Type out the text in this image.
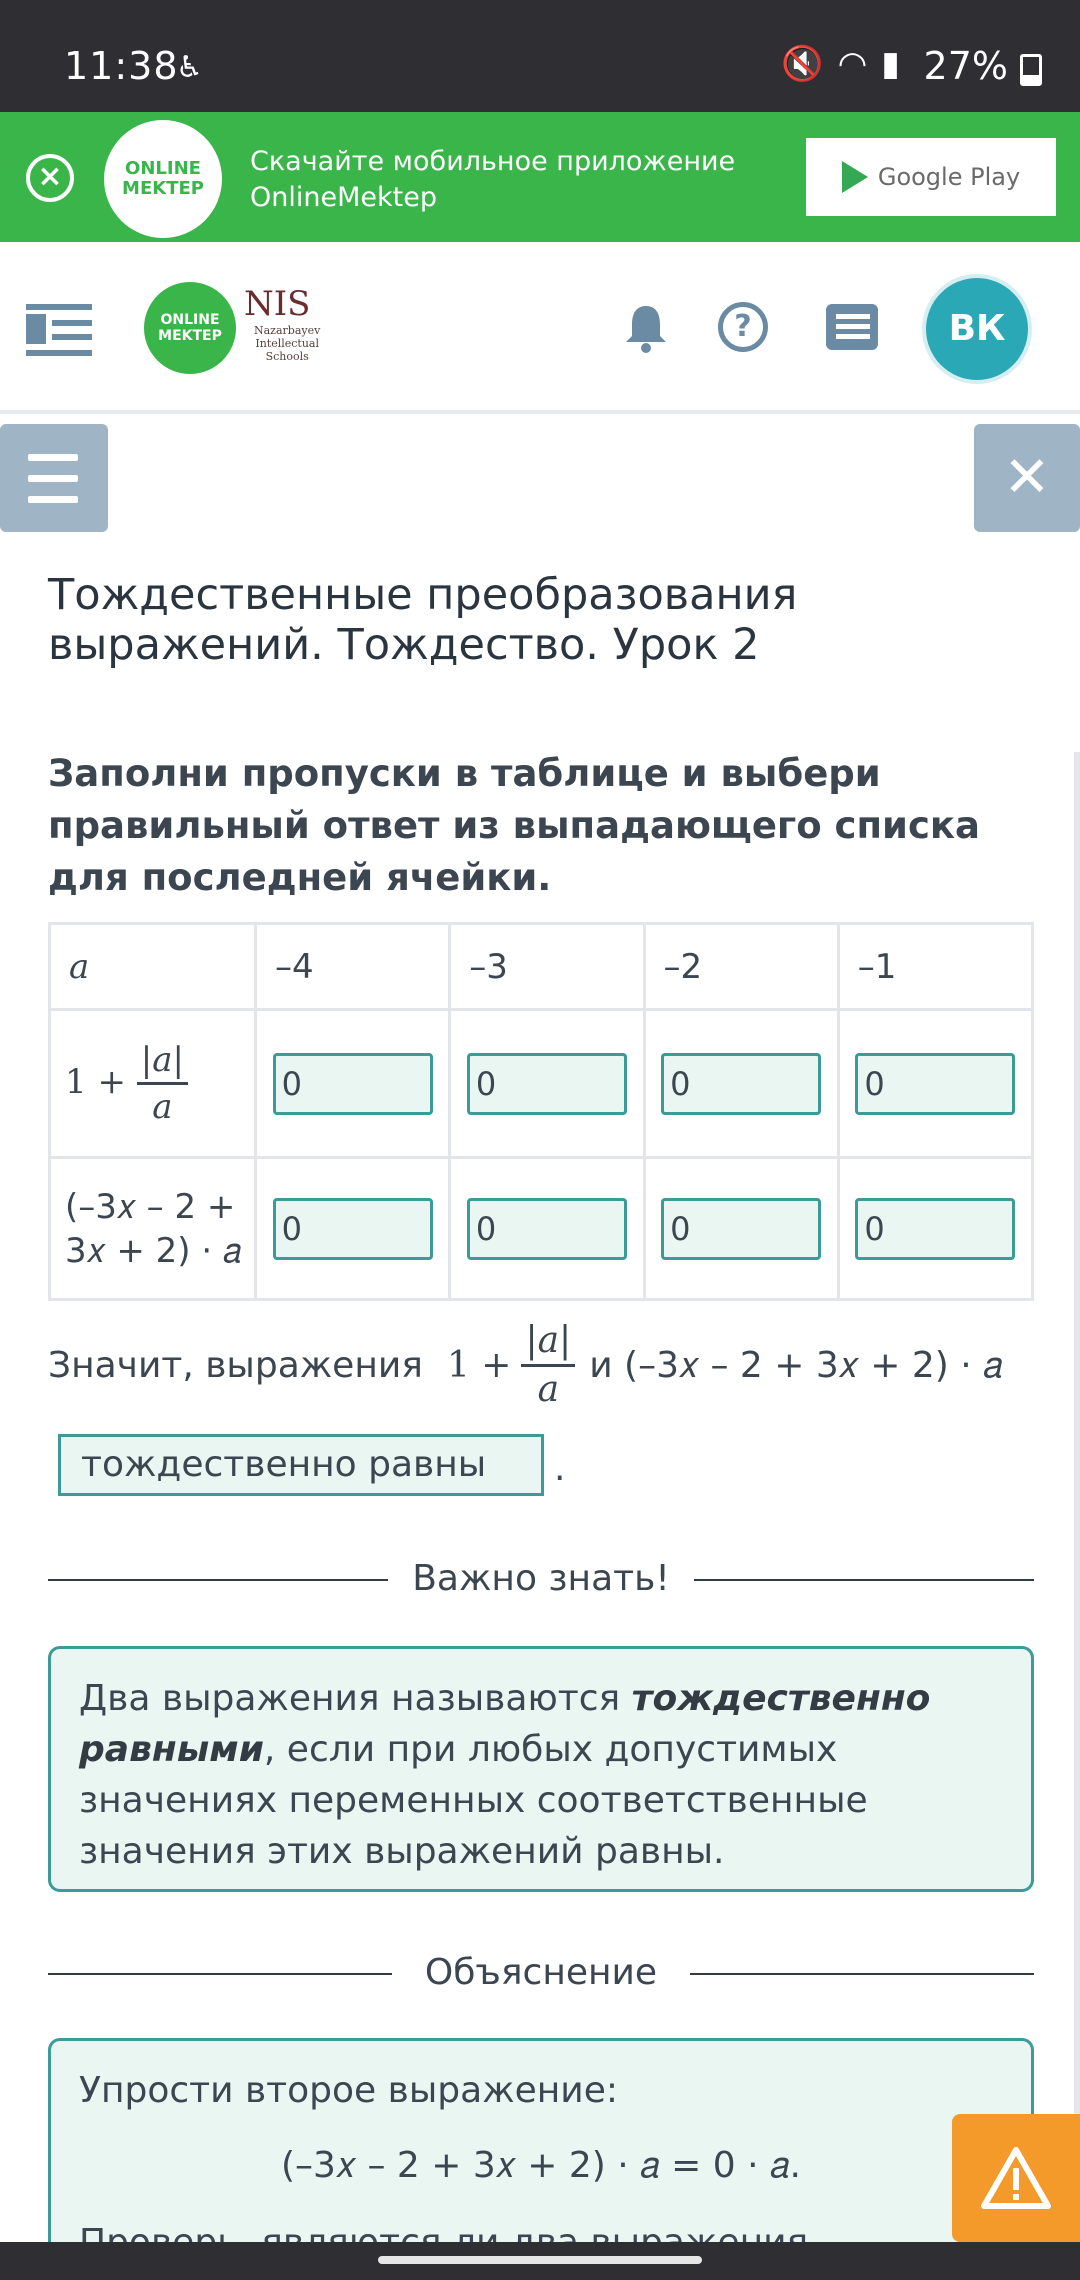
11:38
♿	🔇 ◠ ▮ 27%
×	ONLINE
MEKTEP
Скачайте мобильное приложение
OnlineMektep
Google Play
ONLINE
MEKTEP
NIS
Nazarbayev
Intellectual
Schools
?	ВК
✕
Тождественные преобразования выражений. Тождество. Урок 2
Заполни пропуски в таблице и выбери правильный ответ из выпадающего списка для последней ячейки.
a	–4	–3	–2	–1
$1 + \frac{|a|}{a}$	0	0	0	0

(–3𝑥 – 2 +
3𝑥 + 2) · 𝑎	0	0	0	0
Значит, выражения $1 + \frac{|a|}{a}$ и (–3𝑥 – 2 + 3𝑥 + 2) · 𝑎
тождественно равны	.
Важно знать!
Два выражения называются тождественно равными, если при любых допустимых значениях переменных соответственные значения этих выражений равны.
Объяснение
Упрости второе выражение:
(–3𝑥 – 2 + 3𝑥 + 2) · 𝑎 = 0 · 𝑎.
